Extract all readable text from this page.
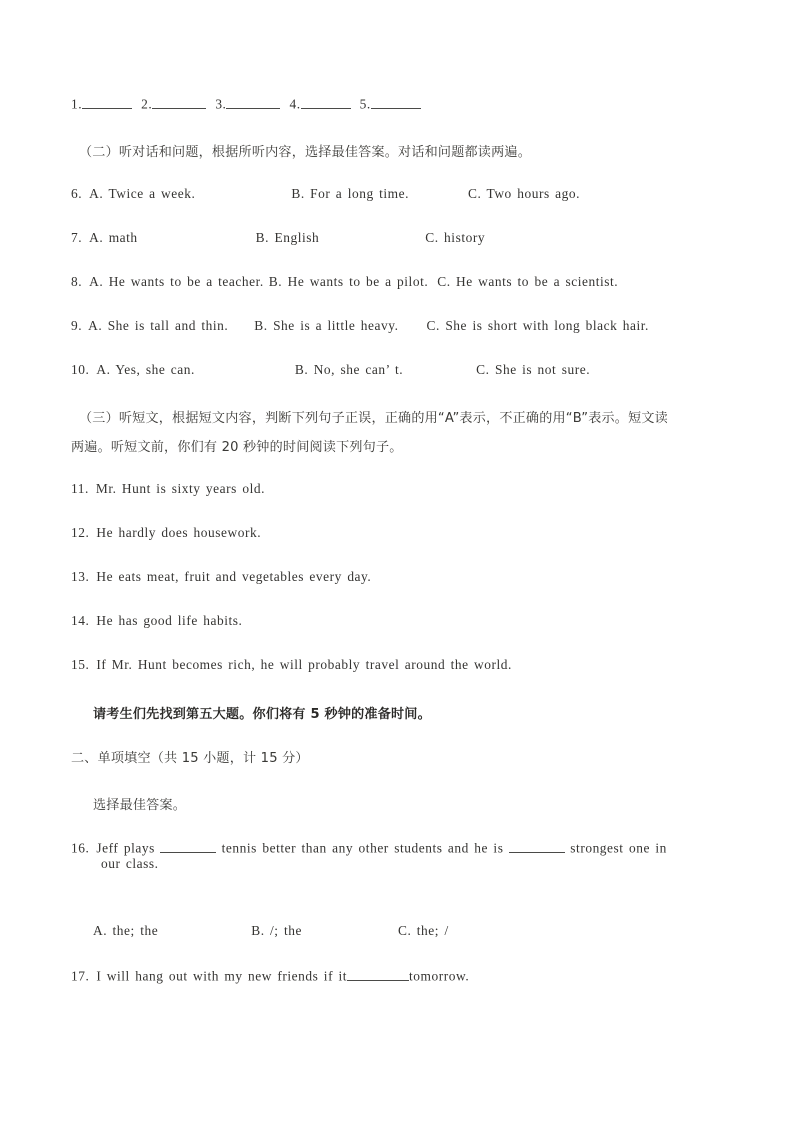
1.	2.	3.	4.	5.
（二）听对话和问题，根据所听内容，选择最佳答案。对话和问题都读两遍。
6. A. Twice a week.	B. For a long time.	C. Two hours ago.
7. A. math	B. English	C. history
8. A. He wants to be a teacher. B. He wants to be a pilot. C. He wants to be a scientist.
9. A. She is tall and thin. B. She is a little heavy. C. She is short with long black hair.
10. A. Yes, she can.	B. No, she can’ t.	C. She is not sure.
（三）听短文，根据短文内容，判断下列句子正误，正确的用“A”表示，不正确的用“B”表示。短文读
两遍。听短文前，你们有 20 秒钟的时间阅读下列句子。
11. Mr. Hunt is sixty years old.
12. He hardly does housework.
13. He eats meat, fruit and vegetables every day.
14. He has good life habits.
15. If Mr. Hunt becomes rich, he will probably travel around the world.
请考生们先找到第五大题。你们将有 5 秒钟的准备时间。
二、单项填空（共 15 小题，计 15 分）
选择最佳答案。
16. Jeff plays	tennis better than any other students and he is	strongest one in
our class.
A. the; the	B. /; the	C. the; /
17. I will hang out with my new friends if it	tomorrow.
